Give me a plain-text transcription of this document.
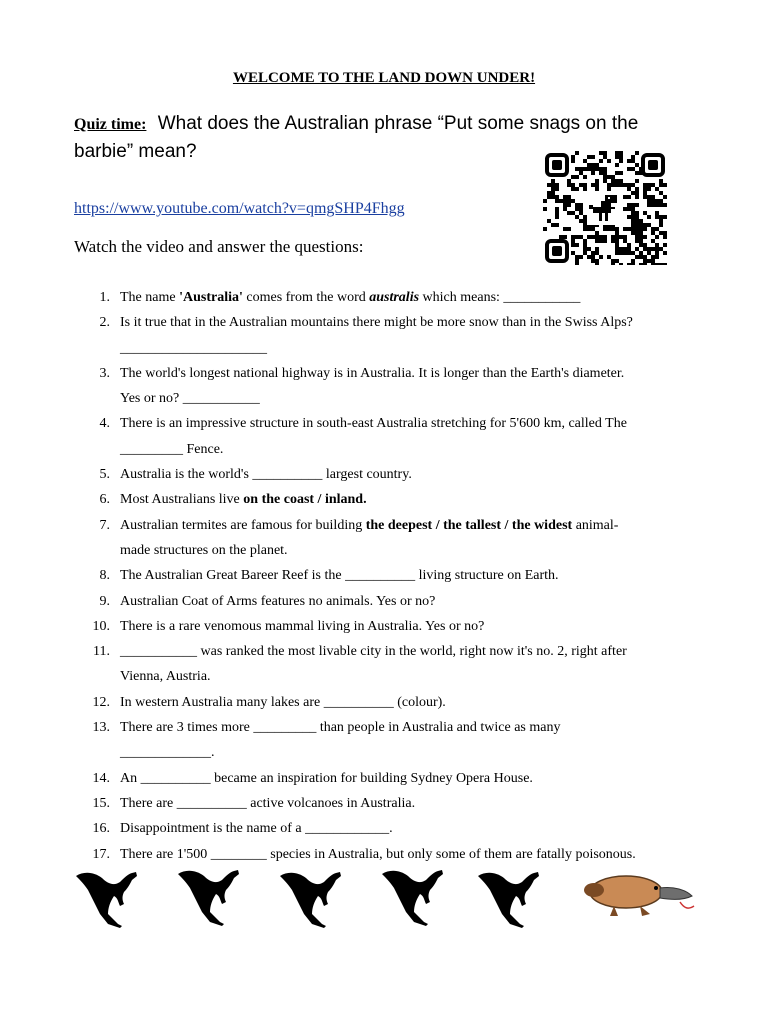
WELCOME TO THE LAND DOWN UNDER!
Quiz time: What does the Australian phrase “Put some snags on the barbie” mean?
https://www.youtube.com/watch?v=qmgSHP4Fhgg
Watch the video and answer the questions:
1. The name 'Australia' comes from the word australis which means: ___________
2. Is it true that in the Australian mountains there might be more snow than in the Swiss Alps?
_____________________
3. The world's longest national highway is in Australia. It is longer than the Earth's diameter.
Yes or no? ___________
4. There is an impressive structure in south-east Australia stretching for 5'600 km, called The
_________ Fence.
5. Australia is the world's __________ largest country.
6. Most Australians live on the coast / inland.
7. Australian termites are famous for building the deepest / the tallest / the widest animal-
made structures on the planet.
8. The Australian Great Bareer Reef is the __________ living structure on Earth.
9. Australian Coat of Arms features no animals. Yes or no?
10. There is a rare venomous mammal living in Australia. Yes or no?
11. ___________ was ranked the most livable city in the world, right now it's no. 2, right after
Vienna, Austria.
12. In western Australia many lakes are __________ (colour).
13. There are 3 times more _________ than people in Australia and twice as many
_____________.
14. An __________ became an inspiration for building Sydney Opera House.
15. There are __________ active volcanoes in Australia.
16. Disappointment is the name of a ____________.
17. There are 1'500 ________ species in Australia, but only some of them are fatally poisonous.
